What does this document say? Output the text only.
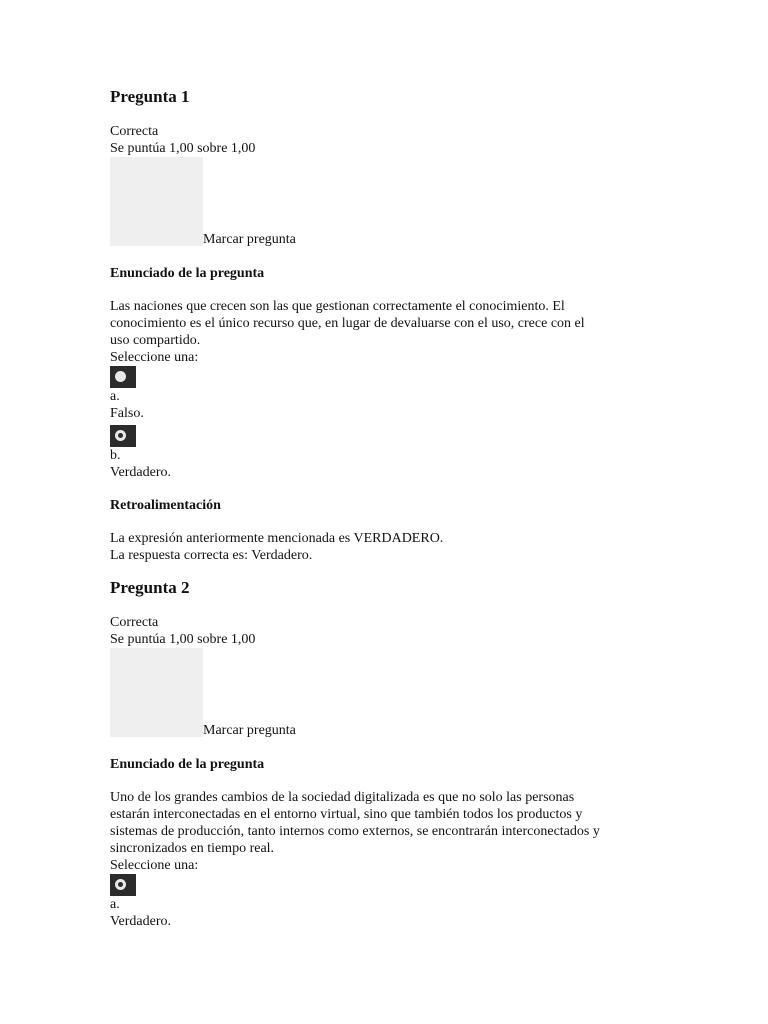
Pregunta 1
Correcta
Se puntúa 1,00 sobre 1,00
Marcar pregunta
Enunciado de la pregunta
Las naciones que crecen son las que gestionan correctamente el conocimiento. El
conocimiento es el único recurso que, en lugar de devaluarse con el uso, crece con el
uso compartido.
Seleccione una:
a.
Falso.
b.
Verdadero.
Retroalimentación
La expresión anteriormente mencionada es VERDADERO.
La respuesta correcta es: Verdadero.
Pregunta 2
Correcta
Se puntúa 1,00 sobre 1,00
Marcar pregunta
Enunciado de la pregunta
Uno de los grandes cambios de la sociedad digitalizada es que no solo las personas
estarán interconectadas en el entorno virtual, sino que también todos los productos y
sistemas de producción, tanto internos como externos, se encontrarán interconectados y
sincronizados en tiempo real.
Seleccione una:
a.
Verdadero.
